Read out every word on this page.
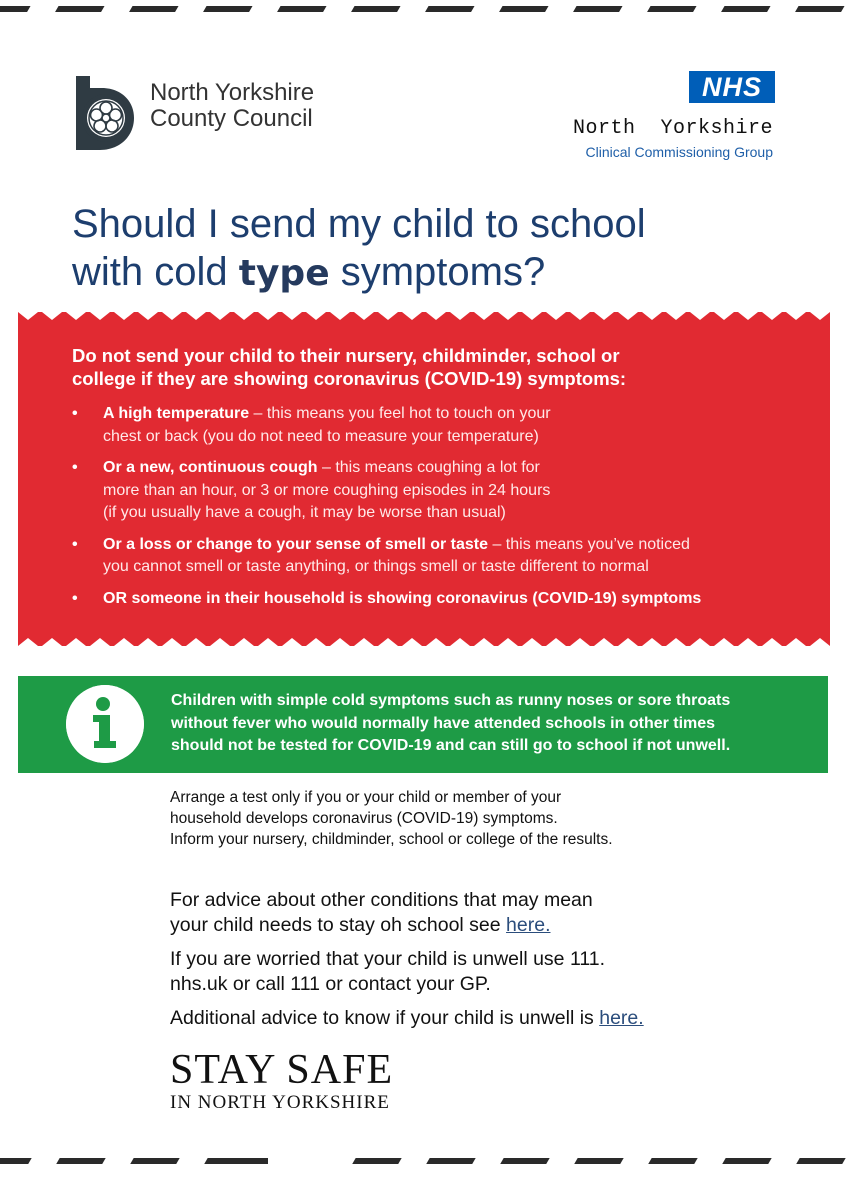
North Yorkshire
County Council
NHS
North  Yorkshire
Clinical Commissioning Group
Should I send my child to school
with cold type symptoms?
Do not send your child to their nursery, childminder, school or
college if they are showing coronavirus (COVID-19) symptoms:
• A high temperature – this means you feel hot to touch on your
chest or back (you do not need to measure your temperature)
• Or a new, continuous cough – this means coughing a lot for
more than an hour, or 3 or more coughing episodes in 24 hours
(if you usually have a cough, it may be worse than usual)
• Or a loss or change to your sense of smell or taste – this means you’ve noticed
you cannot smell or taste anything, or things smell or taste different to normal
• OR someone in their household is showing coronavirus (COVID-19) symptoms
Children with simple cold symptoms such as runny noses or sore throats
without fever who would normally have attended schools in other times
should not be tested for COVID-19 and can still go to school if not unwell.
Arrange a test only if you or your child or member of your
household develops coronavirus (COVID-19) symptoms.
Inform your nursery, childminder, school or college of the results.

For advice about other conditions that may mean
your child needs to stay oh school see here.

If you are worried that your child is unwell use 111.
nhs.uk or call 111 or contact your GP.

Additional advice to know if your child is unwell is here.

STAY SAFE
IN NORTH YORKSHIRE
